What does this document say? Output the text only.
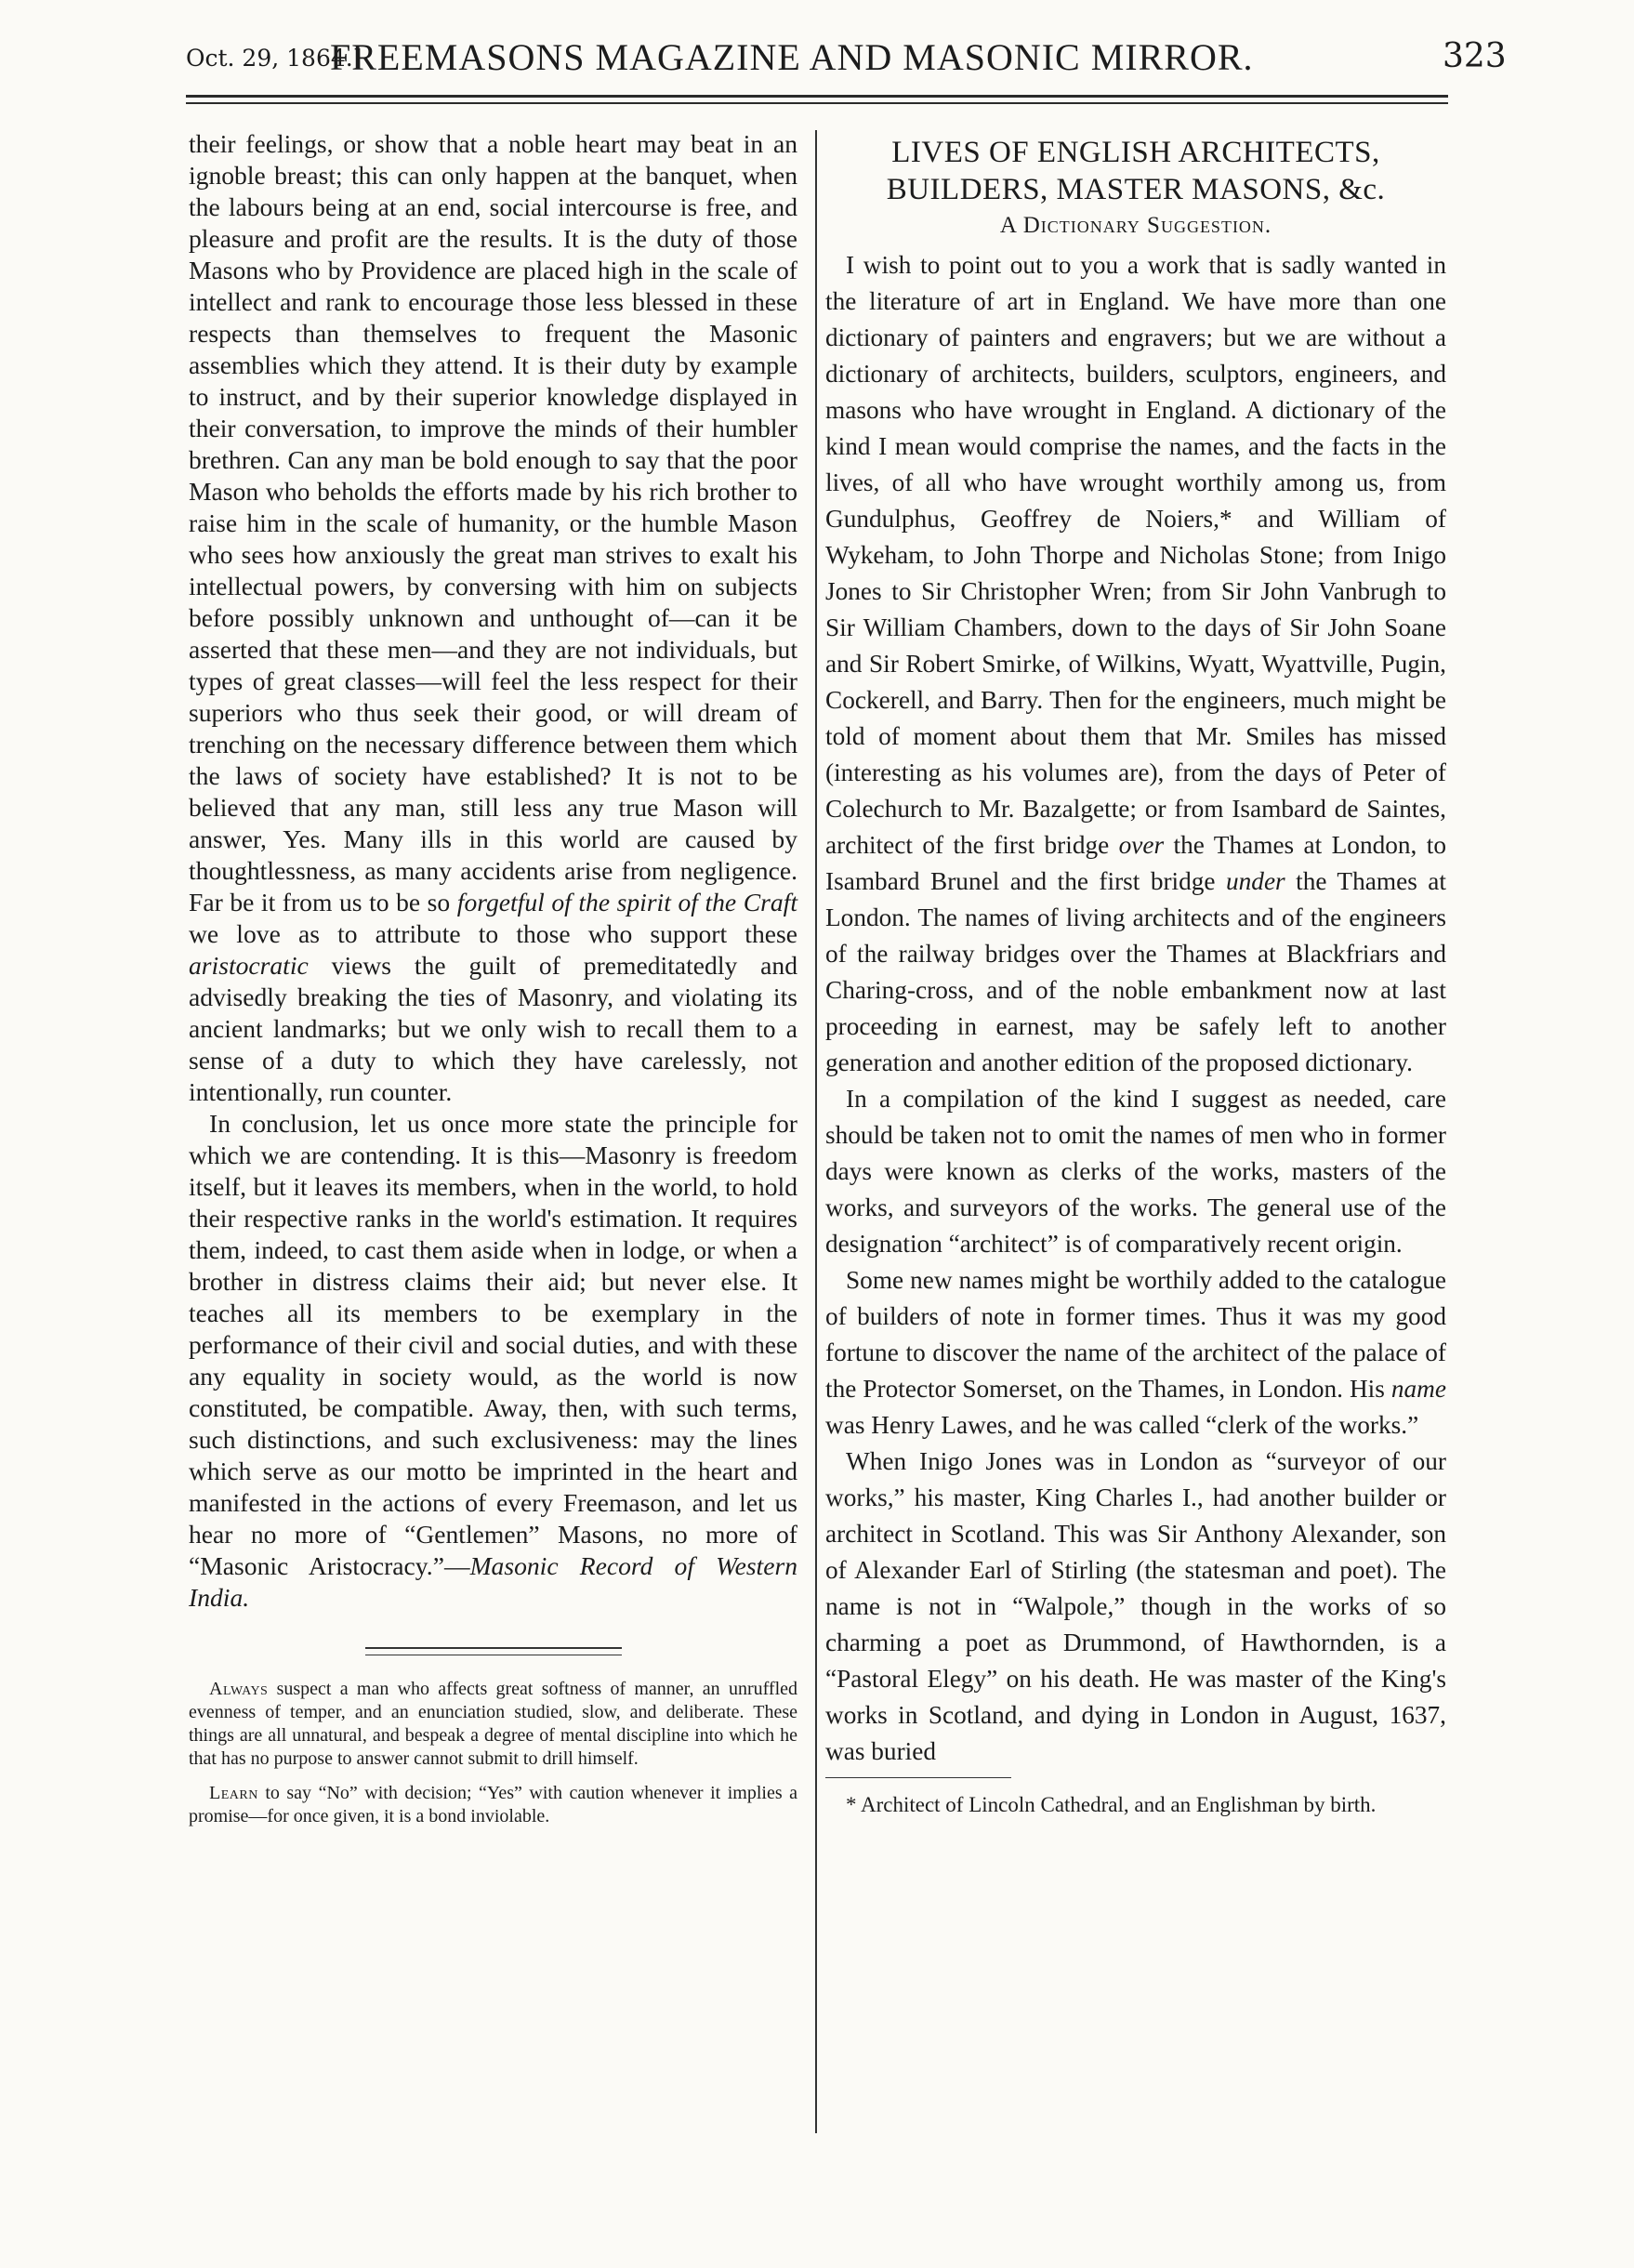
Oct. 29, 1864.]
FREEMASONS MAGAZINE AND MASONIC MIRROR.	323

their feelings, or show that a noble heart may beat in an ignoble breast; this can only happen at the banquet, when the labours being at an end, social intercourse is free, and pleasure and profit are the results. It is the duty of those Masons who by Providence are placed high in the scale of intellect and rank to encourage those less blessed in these respects than themselves to frequent the Masonic assemblies which they attend. It is their duty by example to instruct, and by their superior knowledge displayed in their conversation, to improve the minds of their humbler brethren. Can any man be bold enough to say that the poor Mason who beholds the efforts made by his rich brother to raise him in the scale of humanity, or the humble Mason who sees how anxiously the great man strives to exalt his intellectual powers, by conversing with him on subjects before possibly unknown and unthought of—can it be asserted that these men—and they are not individuals, but types of great classes—will feel the less respect for their superiors who thus seek their good, or will dream of trenching on the necessary difference between them which the laws of society have established? It is not to be believed that any man, still less any true Mason will answer, Yes. Many ills in this world are caused by thoughtlessness, as many accidents arise from negligence. Far be it from us to be so forgetful of the spirit of the Craft we love as to attribute to those who support these aristocratic views the guilt of premeditatedly and advisedly breaking the ties of Masonry, and violating its ancient landmarks; but we only wish to recall them to a sense of a duty to which they have carelessly, not intentionally, run counter.

In conclusion, let us once more state the principle for which we are contending. It is this—Masonry is freedom itself, but it leaves its members, when in the world, to hold their respective ranks in the world's estimation. It requires them, indeed, to cast them aside when in lodge, or when a brother in distress claims their aid; but never else. It teaches all its members to be exemplary in the performance of their civil and social duties, and with these any equality in society would, as the world is now constituted, be compatible. Away, then, with such terms, such distinctions, and such exclusiveness: may the lines which serve as our motto be imprinted in the heart and manifested in the actions of every Freemason, and let us hear no more of “Gentlemen” Masons, no more of “Masonic Aristocracy.”—Masonic Record of Western India.

Always suspect a man who affects great softness of manner, an unruffled evenness of temper, and an enunciation studied, slow, and deliberate. These things are all unnatural, and bespeak a degree of mental discipline into which he that has no purpose to answer cannot submit to drill himself.

Learn to say “No” with decision; “Yes” with caution whenever it implies a promise—for once given, it is a bond inviolable.

LIVES OF ENGLISH ARCHITECTS,
BUILDERS, MASTER MASONS, &c.
A Dictionary Suggestion.

I wish to point out to you a work that is sadly wanted in the literature of art in England. We have more than one dictionary of painters and engravers; but we are without a dictionary of architects, builders, sculptors, engineers, and masons who have wrought in England. A dictionary of the kind I mean would comprise the names, and the facts in the lives, of all who have wrought worthily among us, from Gundulphus, Geoffrey de Noiers,* and William of Wykeham, to John Thorpe and Nicholas Stone; from Inigo Jones to Sir Christopher Wren; from Sir John Vanbrugh to Sir William Chambers, down to the days of Sir John Soane and Sir Robert Smirke, of Wilkins, Wyatt, Wyattville, Pugin, Cockerell, and Barry. Then for the engineers, much might be told of moment about them that Mr. Smiles has missed (interesting as his volumes are), from the days of Peter of Colechurch to Mr. Bazalgette; or from Isambard de Saintes, architect of the first bridge over the Thames at London, to Isambard Brunel and the first bridge under the Thames at London. The names of living architects and of the engineers of the railway bridges over the Thames at Blackfriars and Charing-cross, and of the noble embankment now at last proceeding in earnest, may be safely left to another generation and another edition of the proposed dictionary.

In a compilation of the kind I suggest as needed, care should be taken not to omit the names of men who in former days were known as clerks of the works, masters of the works, and surveyors of the works. The general use of the designation “architect” is of comparatively recent origin.

Some new names might be worthily added to the catalogue of builders of note in former times. Thus it was my good fortune to discover the name of the architect of the palace of the Protector Somerset, on the Thames, in London. His name was Henry Lawes, and he was called “clerk of the works.”

When Inigo Jones was in London as “surveyor of our works,” his master, King Charles I., had another builder or architect in Scotland. This was Sir Anthony Alexander, son of Alexander Earl of Stirling (the statesman and poet). The name is not in “Walpole,” though in the works of so charming a poet as Drummond, of Hawthornden, is a “Pastoral Elegy” on his death. He was master of the King's works in Scotland, and dying in London in August, 1637, was buried

* Architect of Lincoln Cathedral, and an Englishman by birth.
